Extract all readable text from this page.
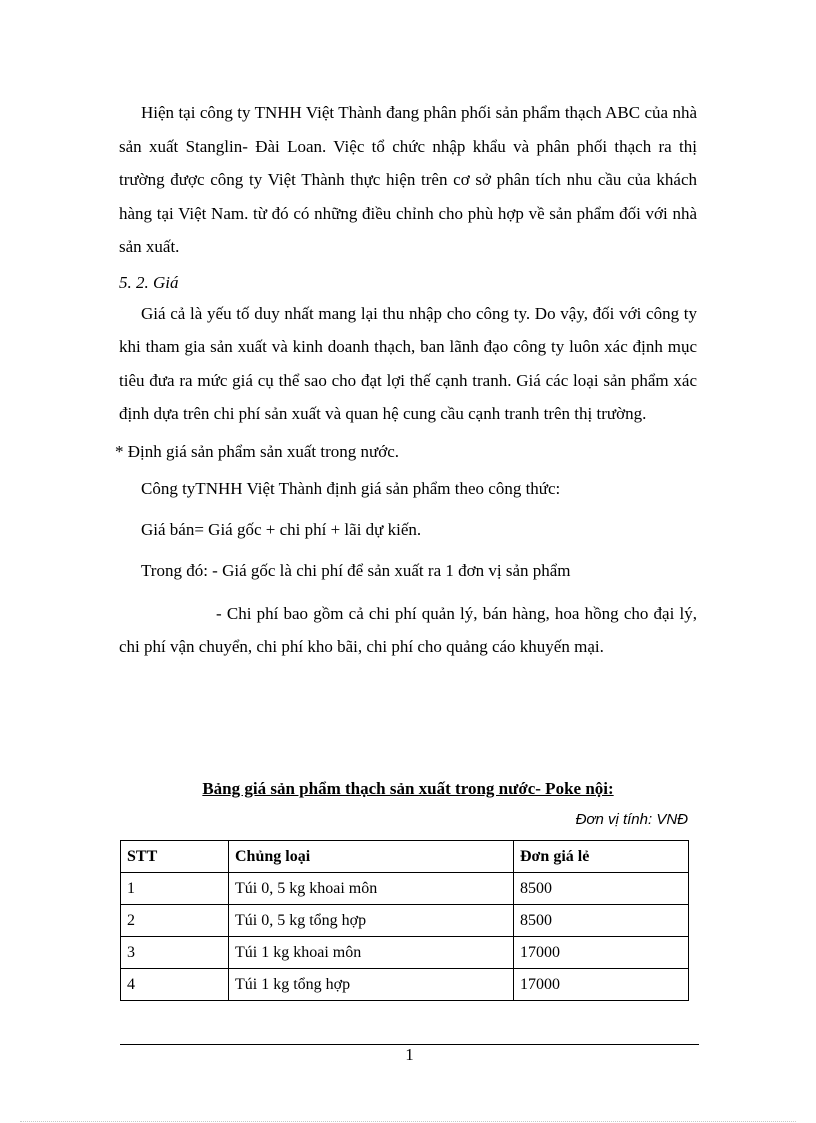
Hiện tại công ty TNHH Việt Thành đang phân phối sản phẩm thạch ABC của nhà sản xuất Stanglin- Đài Loan. Việc tổ chức nhập khẩu và phân phối thạch ra thị trường được công ty Việt Thành thực hiện trên cơ sở phân tích nhu cầu của khách hàng tại Việt Nam. từ đó có những điều chỉnh cho phù hợp về sản phẩm đối với nhà sản xuất.

5. 2. Giá

Giá cả là yếu tố duy nhất mang lại thu nhập cho công ty. Do vậy, đối với công ty khi tham gia sản xuất và kinh doanh thạch, ban lãnh đạo công ty luôn xác định mục tiêu đưa ra mức giá cụ thể sao cho đạt lợi thế cạnh tranh. Giá các loại sản phẩm xác định dựa trên chi phí sản xuất và quan hệ cung cầu cạnh tranh trên thị trường.

* Định giá sản phẩm sản xuất trong nước.

Công tyTNHH Việt Thành định giá sản phẩm theo công thức:

Giá bán= Giá gốc + chi phí + lãi dự kiến.

Trong đó: - Giá gốc là chi phí để sản xuất ra 1 đơn vị sản phẩm

- Chi phí bao gồm cả chi phí quản lý, bán hàng, hoa hồng cho đại lý, chi phí vận chuyển, chi phí kho bãi, chi phí cho quảng cáo khuyến mại.

Bảng giá sản phẩm thạch sản xuất trong nước- Poke nội:

Đơn vị tính: VNĐ

STT	Chủng loại	Đơn giá lẻ
1	Túi 0, 5 kg khoai môn	8500
2	Túi 0, 5 kg tổng hợp	8500
3	Túi 1 kg khoai môn	17000
4	Túi 1 kg tổng hợp	17000

1
